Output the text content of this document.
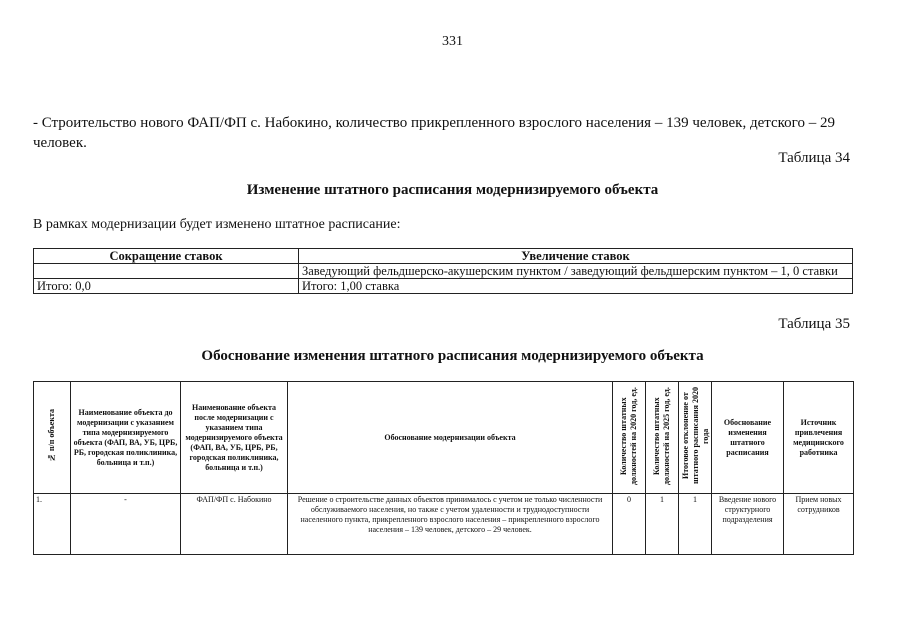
331
- Строительство нового ФАП/ФП с. Набокино, количество прикрепленного взрослого населения – 139 человек, детского – 29 человек.
Таблица 34
Изменение штатного расписания модернизируемого объекта
В рамках модернизации будет изменено штатное расписание:
Сокращение ставок	Увеличение ставок
	Заведующий фельдшерско-акушерским пунктом / заведующий фельдшерским пунктом – 1, 0 ставки
Итого: 0,0	Итого: 1,00 ставка
Таблица 35
Обоснование изменения штатного расписания модернизируемого объекта
№ п/п объекта	Наименование объекта до модернизации с указанием типа модернизируемого объекта (ФАП, ВА, УБ, ЦРБ, РБ, городская поликлиника, больница и т.п.)	Наименование объекта после модернизации с указанием типа модернизируемого объекта (ФАП, ВА, УБ, ЦРБ, РБ, городская поликлиника, больница и т.п.)	Обоснование модернизации объекта	Количество штатных должностей на 2020 год, ед.	Количество штатных должностей на 2025 год, ед.	Итоговое отклонение от штатного расписания 2020 года	Обоснование изменения штатного расписания	Источник привлечения медицинского работника
1.	-	ФАП/ФП с. Набокино	Решение о строительстве данных объектов принималось с учетом не только численности обслуживаемого населения, но также с учетом удаленности и труднодоступности населенного пункта, прикрепленного взрослого населения – прикрепленного взрослого населения – 139 человек, детского – 29 человек.	0	1	1	Введение нового структурного подразделения	Прием новых сотрудников
